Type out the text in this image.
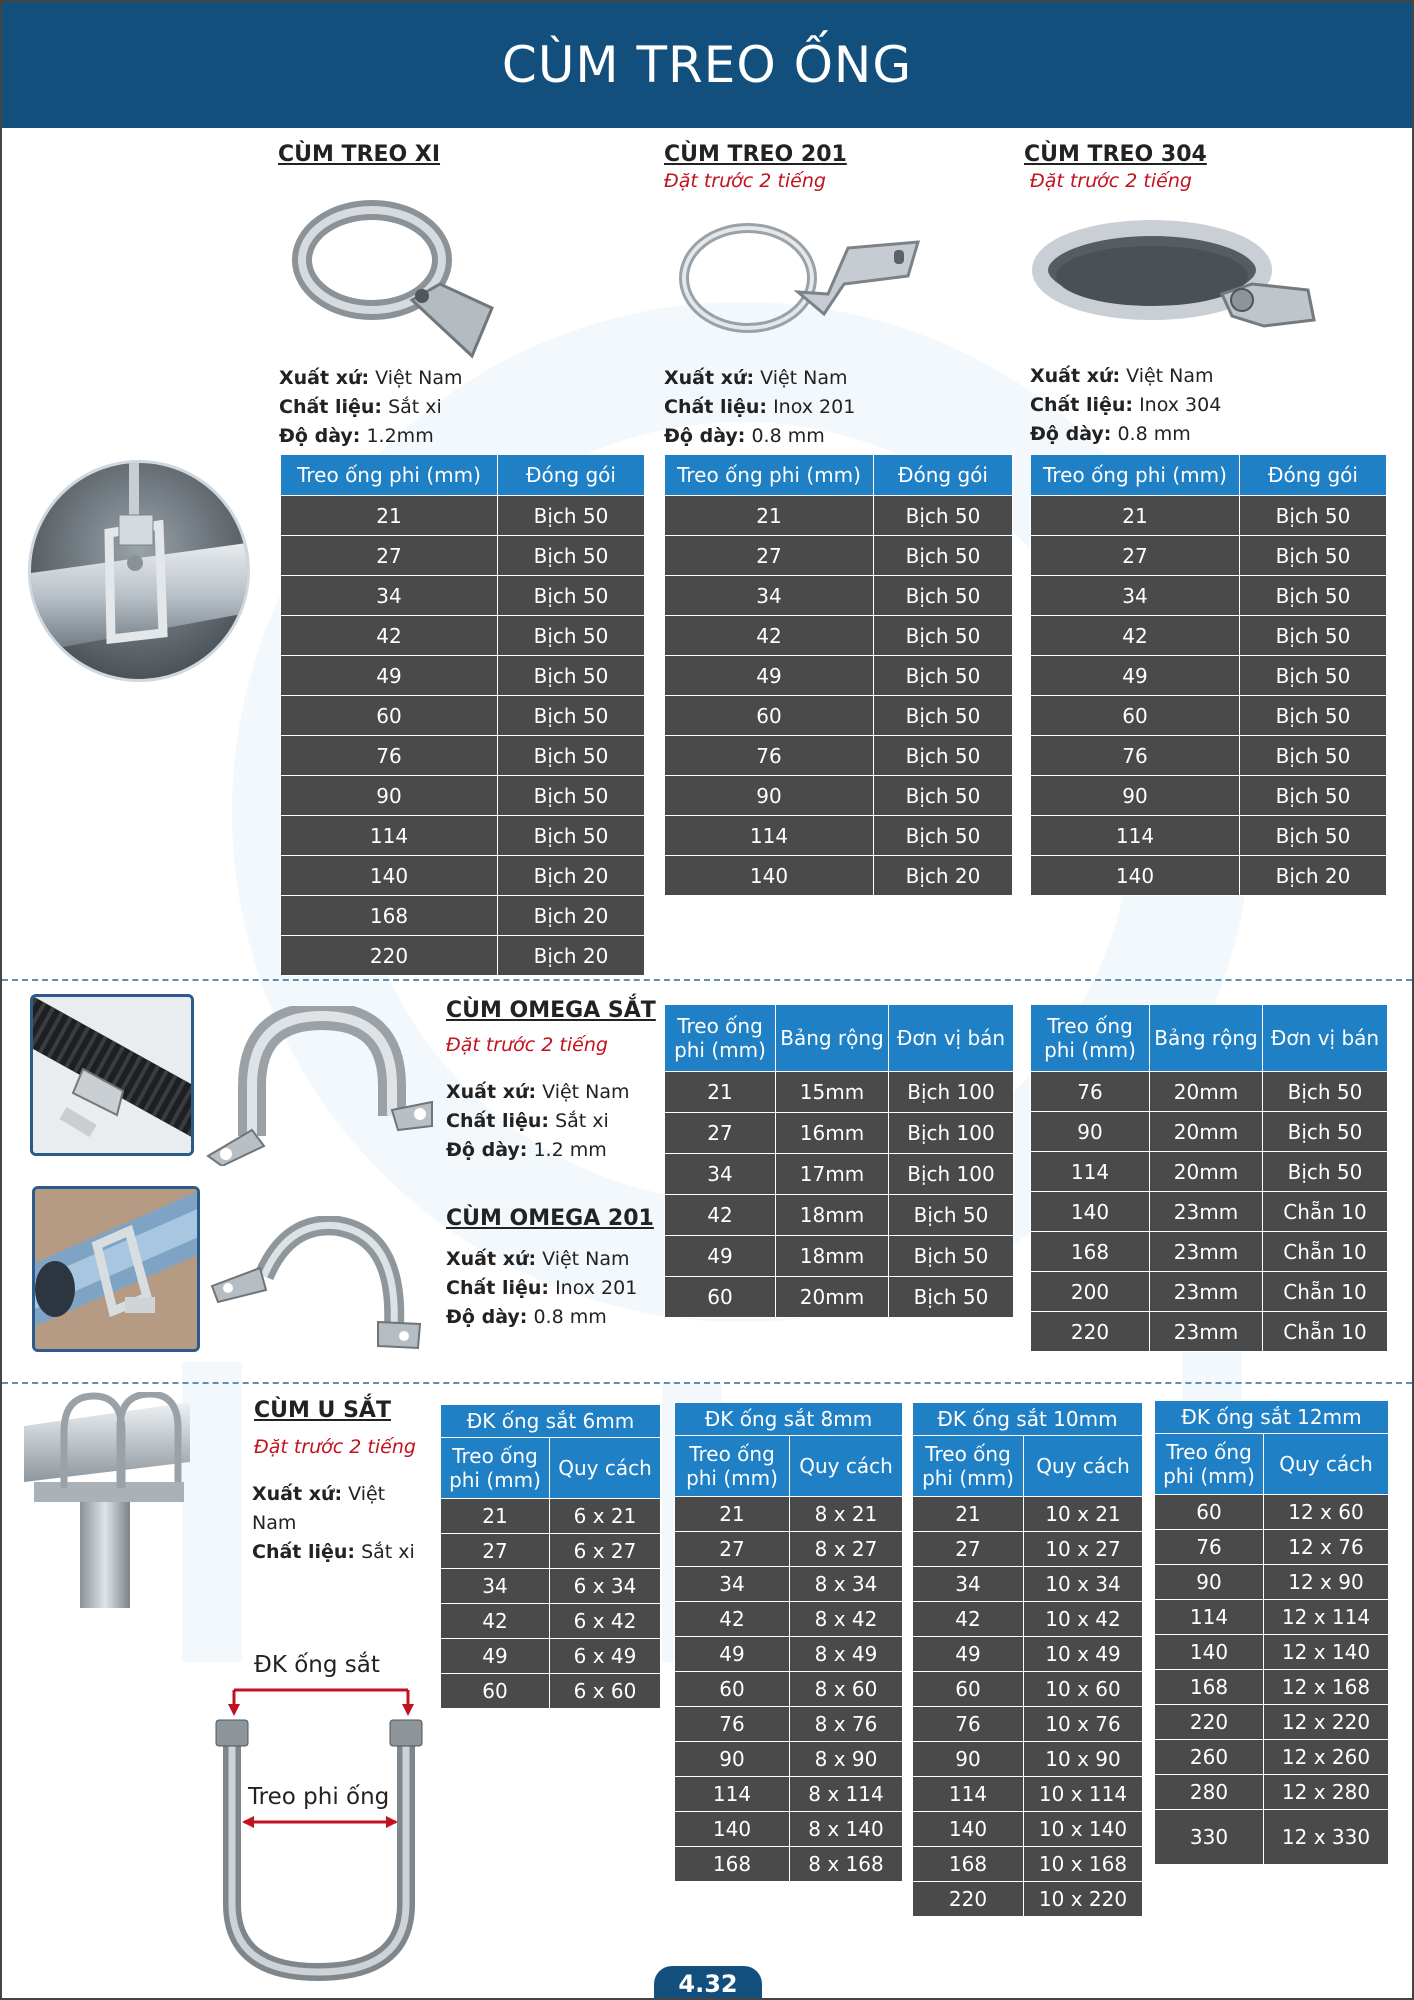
CÙM TREO ỐNG
CÙM TREO XI
Xuất xứ: Việt Nam
Chất liệu: Sắt xi
Độ dày: 1.2mm
Treo ống phi (mm)	Đóng gói
21	Bịch 50
27	Bịch 50
34	Bịch 50
42	Bịch 50
49	Bịch 50
60	Bịch 50
76	Bịch 50
90	Bịch 50
114	Bịch 50
140	Bịch 20
168	Bịch 20
220	Bịch 20
CÙM TREO 201
Đặt trước 2 tiếng
Xuất xứ: Việt Nam
Chất liệu: Inox 201
Độ dày: 0.8 mm
Treo ống phi (mm)	Đóng gói
21	Bịch 50
27	Bịch 50
34	Bịch 50
42	Bịch 50
49	Bịch 50
60	Bịch 50
76	Bịch 50
90	Bịch 50
114	Bịch 50
140	Bịch 20
CÙM TREO 304
Đặt trước 2 tiếng
Xuất xứ: Việt Nam
Chất liệu: Inox 304
Độ dày: 0.8 mm
Treo ống phi (mm)	Đóng gói
21	Bịch 50
27	Bịch 50
34	Bịch 50
42	Bịch 50
49	Bịch 50
60	Bịch 50
76	Bịch 50
90	Bịch 50
114	Bịch 50
140	Bịch 20
CÙM OMEGA SẮT
Đặt trước 2 tiếng
Xuất xứ: Việt Nam
Chất liệu: Sắt xi
Độ dày: 1.2 mm
CÙM OMEGA 201
Xuất xứ: Việt Nam
Chất liệu: Inox 201
Độ dày: 0.8 mm
Treo ống phi (mm)	Bảng rộng	Đơn vị bán
21	15mm	Bịch 100
27	16mm	Bịch 100
34	17mm	Bịch 100
42	18mm	Bịch 50
49	18mm	Bịch 50
60	20mm	Bịch 50
Treo ống phi (mm)	Bảng rộng	Đơn vị bán
76	20mm	Bịch 50
90	20mm	Bịch 50
114	20mm	Bịch 50
140	23mm	Chẵn 10
168	23mm	Chẵn 10
200	23mm	Chẵn 10
220	23mm	Chẵn 10
CÙM U SẮT
Đặt trước 2 tiếng
Xuất xứ: Việt Nam
Chất liệu: Sắt xi
ĐK ống sắt
Treo phi ống
ĐK ống sắt 6mm	
Treo ống phi (mm)	Quy cách
21	6 x 21
27	6 x 27
34	6 x 34
42	6 x 42
49	6 x 49
60	6 x 60
ĐK ống sắt 8mm	
Treo ống phi (mm)	Quy cách
21	8 x 21
27	8 x 27
34	8 x 34
42	8 x 42
49	8 x 49
60	8 x 60
76	8 x 76
90	8 x 90
114	8 x 114
140	8 x 140
168	8 x 168
ĐK ống sắt 10mm	
Treo ống phi (mm)	Quy cách
21	10 x 21
27	10 x 27
34	10 x 34
42	10 x 42
49	10 x 49
60	10 x 60
76	10 x 76
90	10 x 90
114	10 x 114
140	10 x 140
168	10 x 168
220	10 x 220
ĐK ống sắt 12mm	
Treo ống phi (mm)	Quy cách
60	12 x 60
76	12 x 76
90	12 x 90
114	12 x 114
140	12 x 140
168	12 x 168
220	12 x 220
260	12 x 260
280	12 x 280
330	12 x 330
4.32
